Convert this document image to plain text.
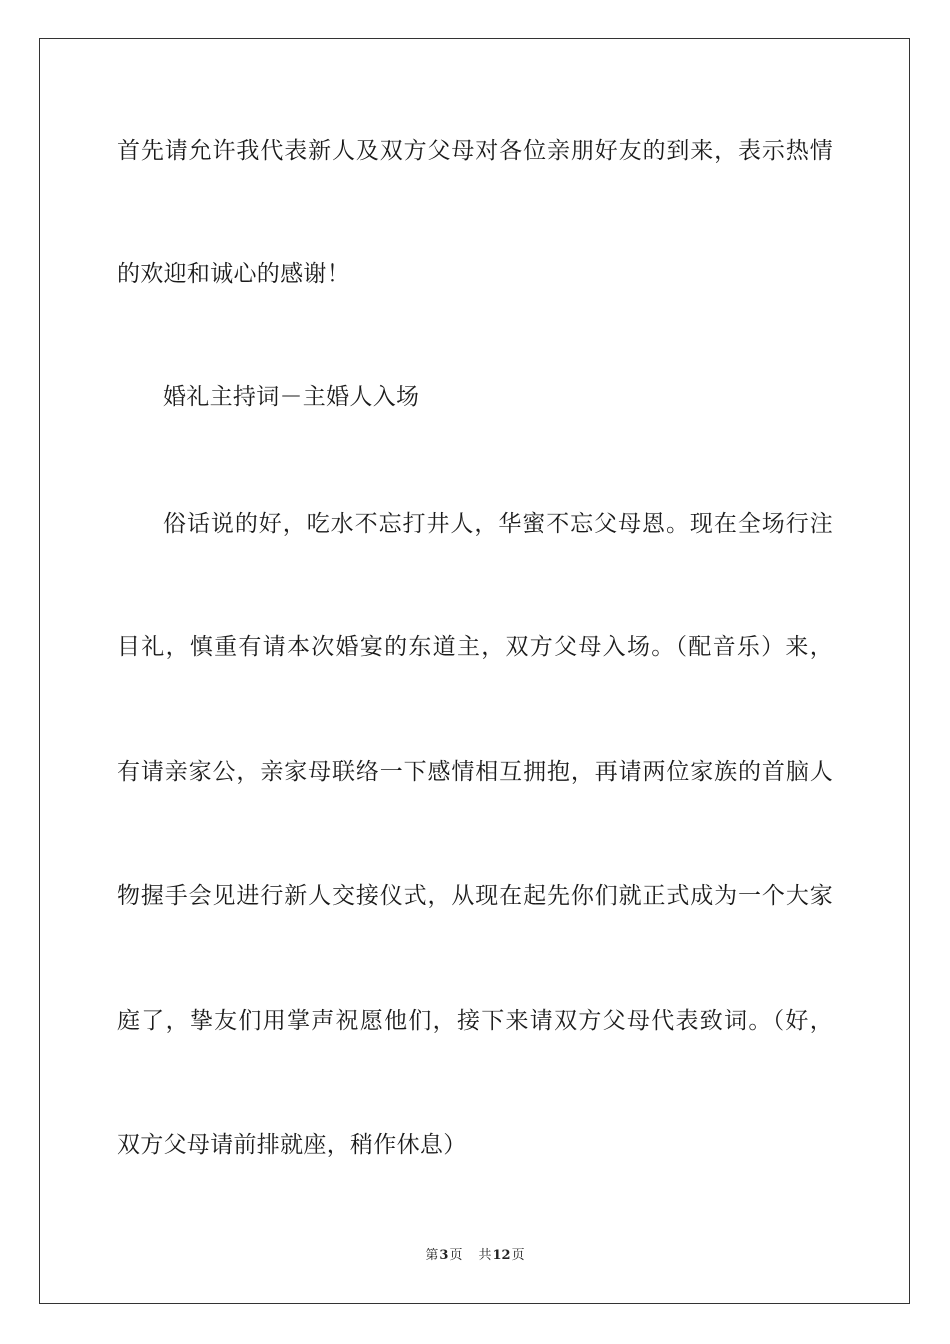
首先请允许我代表新人及双方父母对各位亲朋好友的到来，表示热情
的欢迎和诚心的感谢！
婚礼主持词－主婚人入场
俗话说的好，吃水不忘打井人，华蜜不忘父母恩。现在全场行注
目礼，慎重有请本次婚宴的东道主，双方父母入场。（配音乐）来，
有请亲家公，亲家母联络一下感情相互拥抱，再请两位家族的首脑人
物握手会见进行新人交接仪式，从现在起先你们就正式成为一个大家
庭了，挚友们用掌声祝愿他们，接下来请双方父母代表致词。（好，
双方父母请前排就座，稍作休息）
第3页 共12页
